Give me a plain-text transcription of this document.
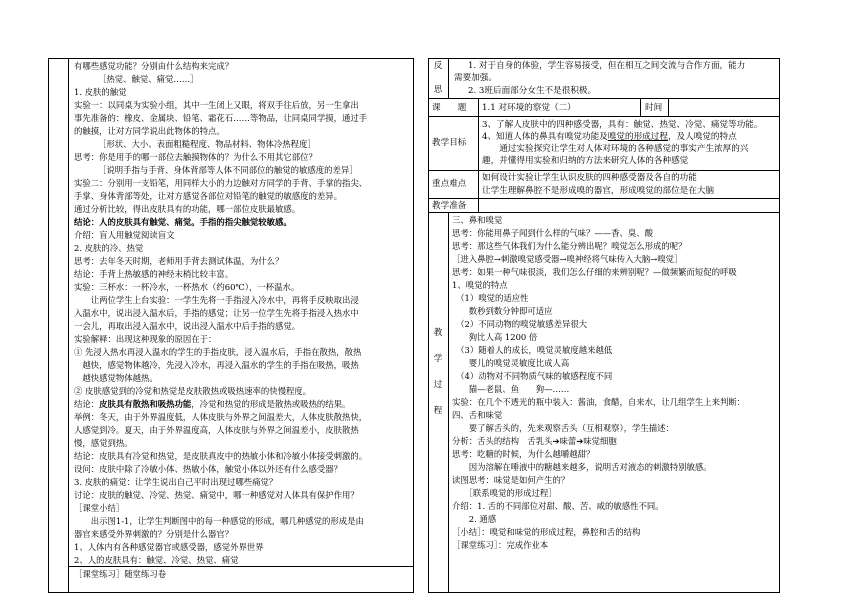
有哪些感觉功能？分别由什么结构来完成？
［热觉、触觉、痛觉……］
1. 皮肤的触觉
实验一：以同桌为实验小组，其中一生闭上又眼，将双手往后放，另一生拿出
事先准备的：橡皮、金属块、铅笔、霜花石……等物品，让同桌同学摸，通过手
的触摸，让对方同学说出此物体的特点。
［形状、大小、表面粗糙程度、物品材料、物体冷热程度］
思考：你是用手的哪一部位去触摸物体的？为什么不用其它部位？
［说明手指与手背、身体背部等人体不同部位的触觉的敏感度的差异］
实验二：分别用一支铅笔，用同样大小的力边触对方同学的手背、手掌的指尖、
手掌、身体背部等处，让对方感觉各部位对铅笔的触觉的敏感度的差异。
通过分析比较，得出皮肤具有的功能，哪一部位皮肤最敏感。
结论：人的皮肤具有触觉、痛觉。手指的指尖触觉较敏感。
介绍：盲人用触觉阅读盲文
2. 皮肤的冷、热觉
思考：去年冬天时期，老师用手背去测试体温，为什么？
结论：手背上热敏感的神经末梢比较丰富。
实验：三杯水：一杯冷水，一杯热水（约60℃），一杯温水。
　　让两位学生上台实验：一学生先将一手指浸入冷水中，再将手反映取出浸
入温水中，说出浸入温水后，手指的感觉；让另一位学生先将手指浸入热水中
一会儿，再取出浸入温水中，说出浸入温水中后手指的感觉。
实验解释：出现这种现象的原因在于：
① 先浸入热水再浸入温水的学生的手指皮肤，浸入温水后，手指在散热，散热
　越快，感觉物体越冷，先浸入冷水，再浸入温水的学生的手指在吸热，吸热
　越快感觉物体越热。
② 皮肤感觉到的冷觉和热觉是皮肤散热或吸热速率的快慢程度。
结论：皮肤具有散热和吸热功能，冷觉和热觉的形成是散热或吸热的结果。
举例：冬天，由于外界温度低，人体皮肤与外界之间温差大，人体皮肤散热快，
人感觉到冷。夏天，由于外界温度高，人体皮肤与外界之间温差小，皮肤散热
慢，感觉到热。
结论：皮肤具有冷觉和热觉，是皮肤真皮中的热敏小体和冷敏小体接受刺激的。
设问：皮肤中除了冷敏小体、热敏小体，触觉小体以外还有什么感受器？
3. 皮肤的痛觉：让学生说出自己平时出现过哪些痛觉？
讨论：皮肤的触觉、冷觉、热觉、痛觉中，哪一种感觉对人体具有保护作用？
［课堂小结］
　　出示图1-1，让学生判断图中的每一种感觉的形成，哪几种感觉的形成是由
器官来感受外界刺激的？分别是什么器官？
1、人体内有各种感觉器官或感受器，感觉外界世界
2、人的皮肤具有：触觉、冷觉、热觉、痛觉
［课堂练习］随堂练习卷
反
思
1. 对于自身的体验，学生容易接受，但在相互之间交流与合作方面，能力
需要加强。
2. 3班后面部分女生不是很积极。
课　　题 1.1 对环境的察觉（二）	时间
教学目标
3、了解人皮肤中的四种感受器，具有：触觉、热觉、冷觉、痛觉等功能。
4、知道人体的鼻具有嗅觉功能及嗅觉的形成过程，及人嗅觉的特点
　　通过实验探究让学生对人体对环境的各种感觉的事实产生浓厚的兴
趣，并懂得用实验和归纳的方法来研究人体的各种感觉
重点难点
如何设计实验让学生认识皮肤的四种感受器及各自的功能
让学生理解鼻腔不是形成嗅的器官，形成嗅觉的部位是在大脑
教学准备
教
学
过
程
三、鼻和嗅觉
思考：你能用鼻子闻到什么样的气味？——香、臭、酸
思考：那这些气体我们为什么能分辨出呢？嗅觉怎么形成的呢？
［进入鼻腔→刺激嗅觉感受器→嗅神经将气味传入大脑→嗅觉］
思考：如果一种气味很淡，我们怎么仔细的来辨别呢？—做频繁而短促的呼吸
1、嗅觉的特点
　（1）嗅觉的适应性
　　数秒到数分钟即可适应
　（2）不同动物的嗅觉敏感差异很大
　　狗比人高 1200 倍
　（3）随着人的成长，嗅觉灵敏度越来越低
　　婴儿的嗅觉灵敏度比成人高
　（4）动物对不同物质气味的敏感程度不同
　　猫—老鼠、鱼　　狗—……
实验：在几个不透光的瓶中装入：酱油，食醋，自来水，让几组学生上来判断：
四、舌和味觉
　　要了解舌头的，先来观察舌头（互相观察），学生描述：
分析：舌头的结构　舌乳头➔味蕾➔味觉细胞
思考：吃糖的时候，为什么越嚼越甜？
　　因为溶解在唾液中的糖越来越多，说明舌对液态的刺激特别敏感。
读图思考：味觉是如何产生的？
　　［联系嗅觉的形成过程］
介绍：1. 舌的不同部位对甜、酸、苦、咸的敏感性不同。
　　2. 通感
［小结］：嗅觉和味觉的形成过程，鼻腔和舌的结构
［课堂练习］：完成作业本
